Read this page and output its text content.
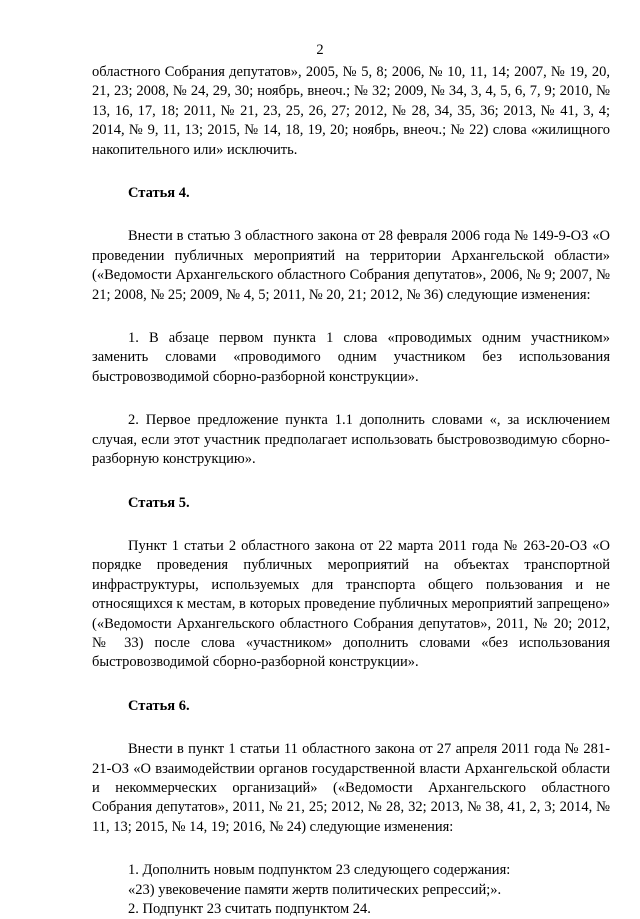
2

областного Собрания депутатов», 2005, № 5, 8; 2006, № 10, 11, 14; 2007, № 19, 20, 21, 23; 2008, № 24, 29, 30; ноябрь, внеоч.; № 32; 2009, № 34, 3, 4, 5, 6, 7, 9; 2010, № 13, 16, 17, 18; 2011, № 21, 23, 25, 26, 27; 2012, № 28, 34, 35, 36; 2013, № 41, 3, 4; 2014, № 9, 11, 13; 2015, № 14, 18, 19, 20; ноябрь, внеоч.; № 22) слова «жилищного накопительного или» исключить.

Статья 4.

Внести в статью 3 областного закона от 28 февраля 2006 года № 149-9-ОЗ «О проведении публичных мероприятий на территории Архангельской области» («Ведомости Архангельского областного Собрания депутатов», 2006, № 9; 2007, № 21; 2008, № 25; 2009, № 4, 5; 2011, № 20, 21; 2012, № 36) следующие изменения:

1. В абзаце первом пункта 1 слова «проводимых одним участником» заменить словами «проводимого одним участником без использования быстровозводимой сборно-разборной конструкции».

2. Первое предложение пункта 1.1 дополнить словами «, за исключением случая, если этот участник предполагает использовать быстровозводимую сборно-разборную конструкцию».

Статья 5.

Пункт 1 статьи 2 областного закона от 22 марта 2011 года № 263-20-ОЗ «О порядке проведения публичных мероприятий на объектах транспортной инфраструктуры, используемых для транспорта общего пользования и не относящихся к местам, в которых проведение публичных мероприятий запрещено» («Ведомости Архангельского областного Собрания депутатов», 2011, № 20; 2012, № 33) после слова «участником» дополнить словами «без использования быстровозводимой сборно-разборной конструкции».

Статья 6.

Внести в пункт 1 статьи 11 областного закона от 27 апреля 2011 года № 281-21-ОЗ «О взаимодействии органов государственной власти Архангельской области и некоммерческих организаций» («Ведомости Архангельского областного Собрания депутатов», 2011, № 21, 25; 2012, № 28, 32; 2013, № 38, 41, 2, 3; 2014, № 11, 13; 2015, № 14, 19; 2016, № 24) следующие изменения:

1. Дополнить новым подпунктом 23 следующего содержания:

«23) увековечение памяти жертв политических репрессий;».

2. Подпункт 23 считать подпунктом 24.
